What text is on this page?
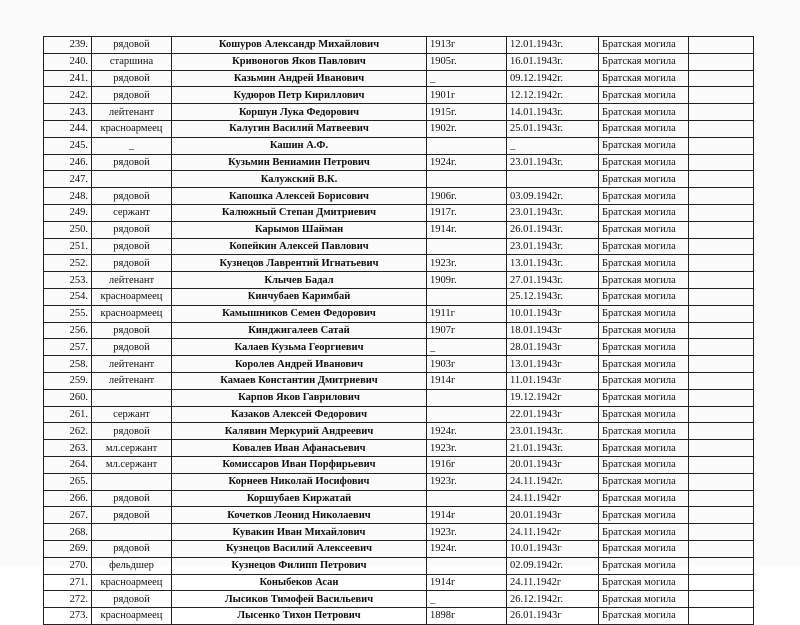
239.	рядовой	Кошуров Александр Михайлович	1913г	12.01.1943г.	Братская могила	
240.	старшина	Кривоногов Яков Павлович	1905г.	16.01.1943г.	Братская могила	
241.	рядовой	Казьмин Андрей Иванович	_	09.12.1942г.	Братская могила	
242.	рядовой	Кудюров Петр Кириллович	1901г	12.12.1942г.	Братская могила	
243.	лейтенант	Коршун Лука Федорович	1915г.	14.01.1943г.	Братская могила	
244.	красноармеец	Калугин Василий Матвеевич	1902г.	25.01.1943г.	Братская могила	
245.	_	Кашин А.Ф.		_	Братская могила	
246.	рядовой	Кузьмин Вениамин Петрович	1924г.	23.01.1943г.	Братская могила	
247.		Калужский В.К.			Братская могила	
248.	рядовой	Капошка Алексей Борисович	1906г.	03.09.1942г.	Братская могила	
249.	сержант	Калюжный Степан Дмитриевич	1917г.	23.01.1943г.	Братская могила	
250.	рядовой	Карымов Шайман	1914г.	26.01.1943г.	Братская могила	
251.	рядовой	Копейкин Алексей Павлович		23.01.1943г.	Братская могила	
252.	рядовой	Кузнецов Лаврентий Игнатьевич	1923г.	13.01.1943г.	Братская могила	
253.	лейтенант	Клычев Бадал	1909г.	27.01.1943г.	Братская могила	
254.	красноармеец	Кинчубаев Каримбай		25.12.1943г.	Братская могила	
255.	красноармеец	Камышников Семен Федорович	1911г	10.01.1943г	Братская могила	
256.	рядовой	Кинджигалеев Сатай	1907г	18.01.1943г	Братская могила	
257.	рядовой	Калаев Кузьма Георгиевич	_	28.01.1943г	Братская могила	
258.	лейтенант	Королев Андрей Иванович	1903г	13.01.1943г	Братская могила	
259.	лейтенант	Камаев Константин Дмитриевич	1914г	11.01.1943г	Братская могила	
260.		Карпов Яков Гаврилович		19.12.1942г	Братская могила	
261.	сержант	Казаков Алексей Федорович		22.01.1943г	Братская могила	
262.	рядовой	Калявин Меркурий Андреевич	1924г.	23.01.1943г.	Братская могила	
263.	мл.сержант	Ковалев Иван Афанасьевич	1923г.	21.01.1943г.	Братская могила	
264.	мл.сержант	Комиссаров Иван Порфирьевич	1916г	20.01.1943г	Братская могила	
265.		Корнеев Николай Иосифович	1923г.	24.11.1942г.	Братская могила	
266.	рядовой	Коршубаев Киржатай		24.11.1942г	Братская могила	
267.	рядовой	Кочетков Леонид Николаевич	1914г	20.01.1943г	Братская могила	
268.		Кувакин Иван Михайлович	1923г.	24.11.1942г	Братская могила	
269.	рядовой	Кузнецов Василий Алексеевич	1924г.	10.01.1943г	Братская могила	
270.	фельдшер	Кузнецов Филипп Петрович		02.09.1942г.	Братская могила	
271.	красноармеец	Коныбеков Асан	1914г	24.11.1942г	Братская могила	
272.	рядовой	Лысиков Тимофей Васильевич	_	26.12.1942г.	Братская могила	
273.	красноармеец	Лысенко Тихон Петрович	1898г	26.01.1943г	Братская могила	
